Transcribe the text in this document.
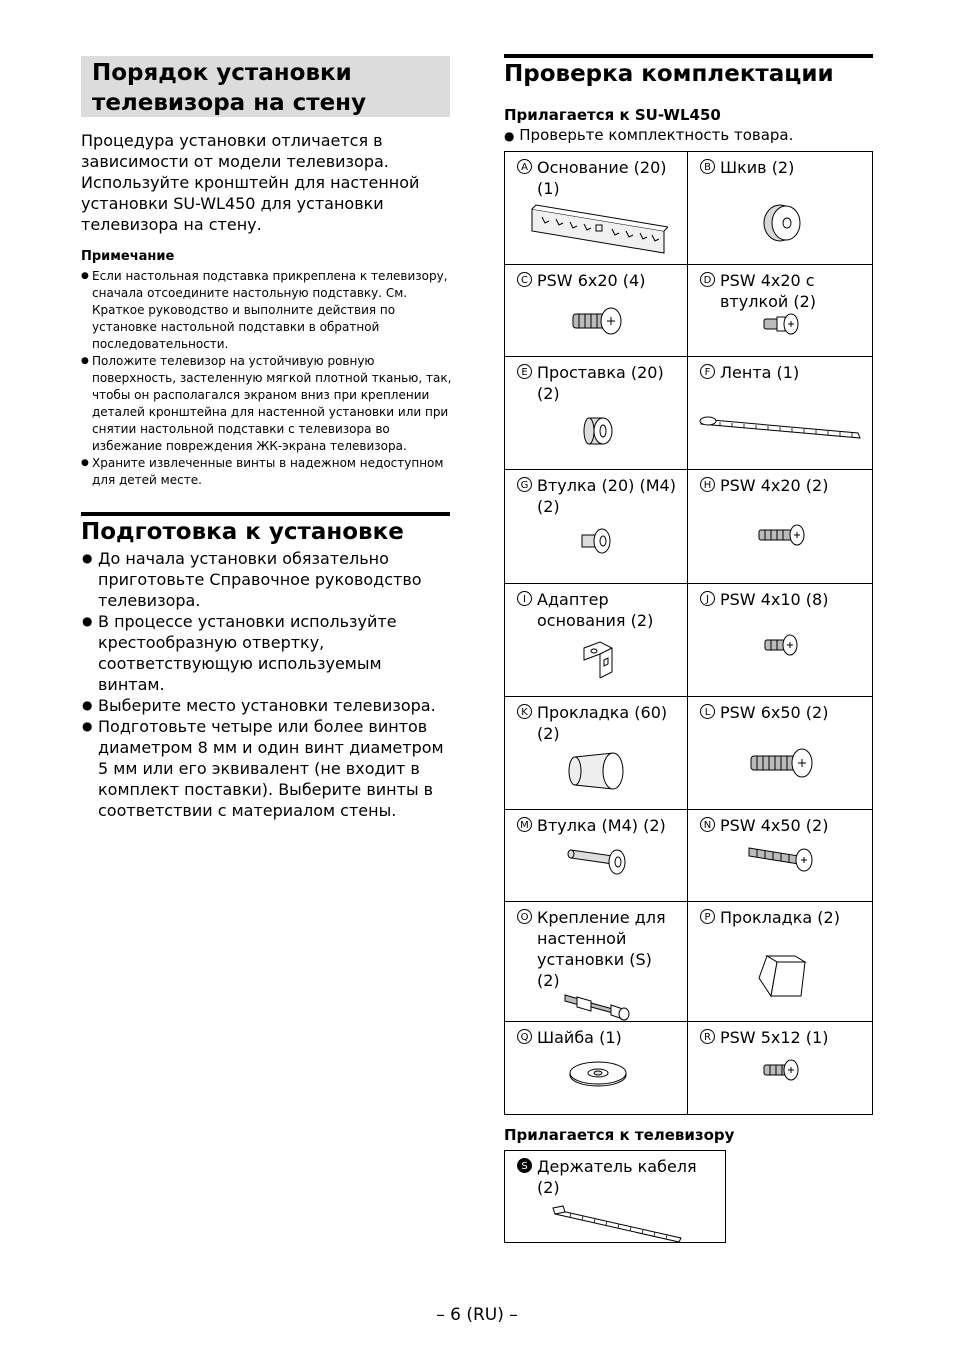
Порядок установки телевизора на стену
Процедура установки отличается в зависимости от модели телевизора. Используйте кронштейн для настенной установки SU-WL450 для установки телевизора на стену.
Примечание
● Если настольная подставка прикреплена к телевизору, сначала отсоедините настольную подставку. См. Краткое руководство и выполните действия по установке настольной подставки в обратной последовательности.
● Положите телевизор на устойчивую ровную поверхность, застеленную мягкой плотной тканью, так, чтобы он располагался экраном вниз при креплении деталей кронштейна для настенной установки или при снятии настольной подставки с телевизора во избежание повреждения ЖК-экрана телевизора.
● Храните извлеченные винты в надежном недоступном для детей месте.
Подготовка к установке
● До начала установки обязательно приготовьте Справочное руководство телевизора.
● В процессе установки используйте крестообразную отвертку, соответствующую используемым винтам.
● Выберите место установки телевизора.
● Подготовьте четыре или более винтов диаметром 8 мм и один винт диаметром 5 мм или его эквивалент (не входит в комплект поставки). Выберите винты в соответствии с материалом стены.
Проверка комплектации
Прилагается к SU-WL450
● Проверьте комплектность товара.
A Основание (20) (1)	B Шкив (2)

C PSW 6x20 (4)	D PSW 4x20 с втулкой (2)

E Проставка (20) (2)	F Лента (1)

G Втулка (20) (M4) (2)	H PSW 4x20 (2)

I Адаптер основания (2)	J PSW 4x10 (8)

K Прокладка (60) (2)	L PSW 6x50 (2)

M Втулка (M4) (2)	N PSW 4x50 (2)

O Крепление для настенной установки (S) (2)	P Прокладка (2)

Q Шайба (1)	R PSW 5x12 (1)
Прилагается к телевизору
S Держатель кабеля (2)
– 6 (RU) –
